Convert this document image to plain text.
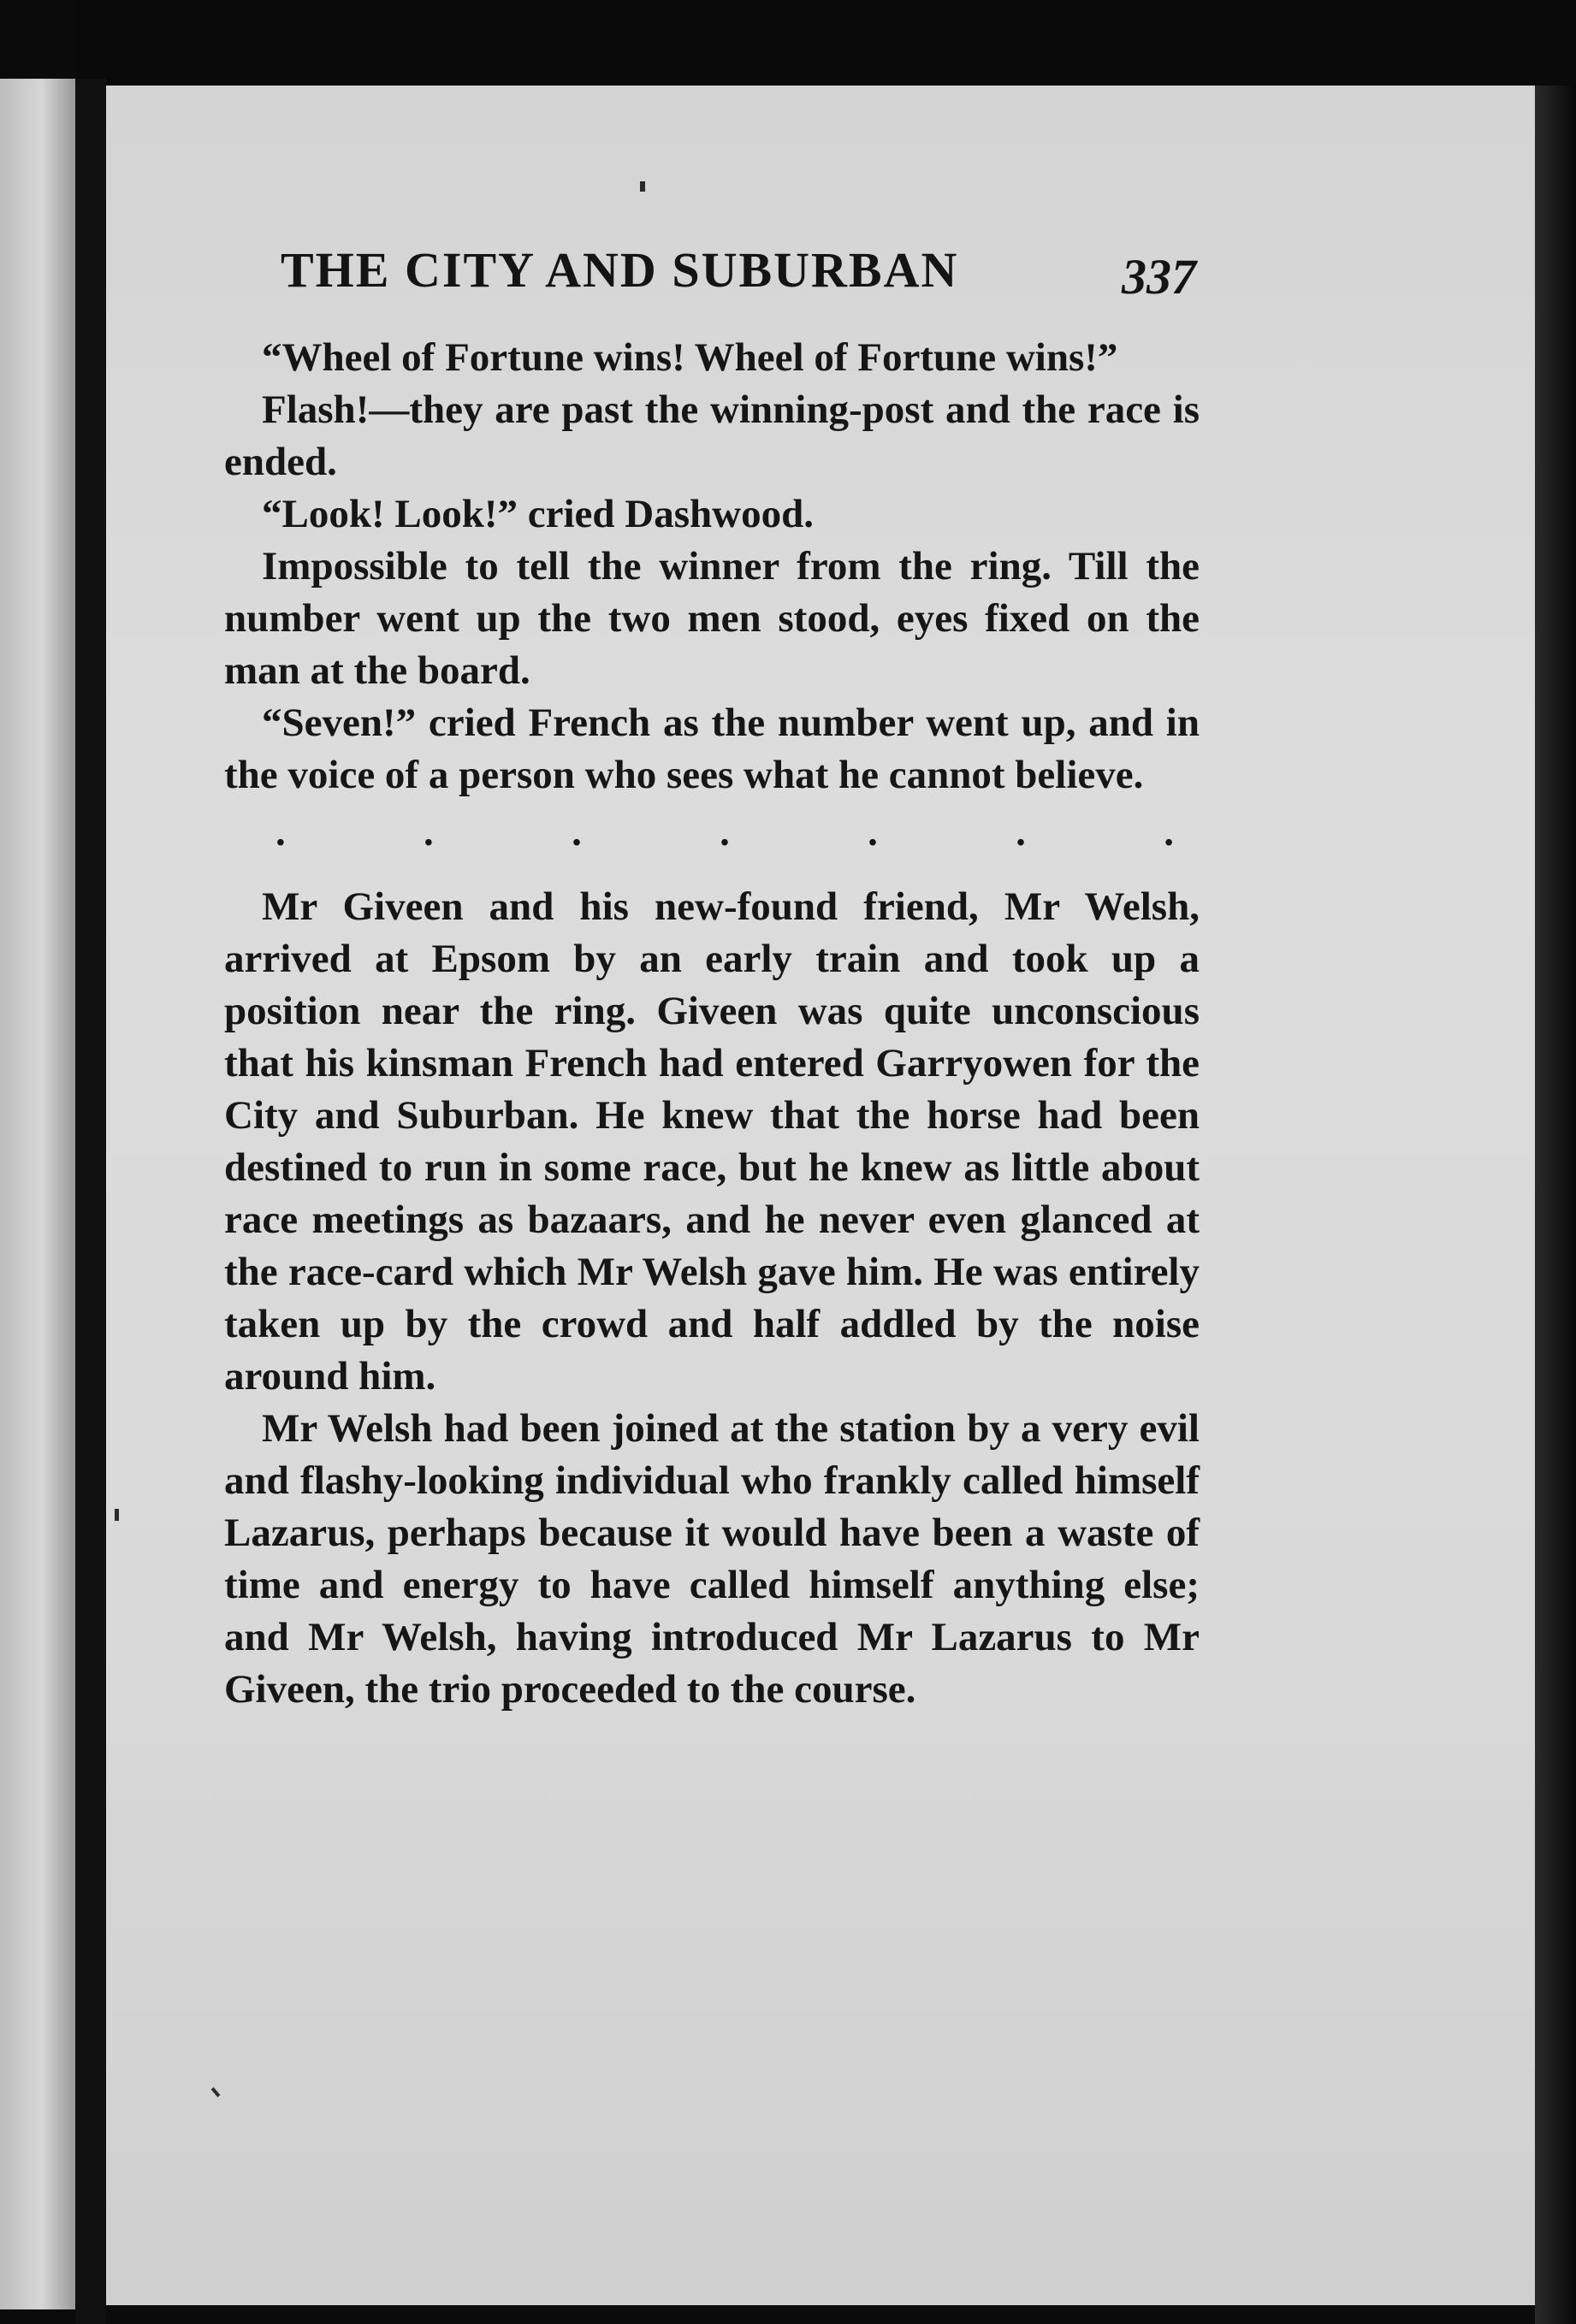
THE CITY AND SUBURBAN	337

“Wheel of Fortune wins! Wheel of Fortune wins!”

Flash!—they are past the winning-post and the race is ended.

“Look! Look!” cried Dashwood.

Impossible to tell the winner from the ring. Till the number went up the two men stood, eyes fixed on the man at the board.

“Seven!” cried French as the number went up, and in the voice of a person who sees what he cannot believe.

.	.	.	.	.	.	.

Mr Giveen and his new-found friend, Mr Welsh, arrived at Epsom by an early train and took up a position near the ring. Giveen was quite unconscious that his kinsman French had entered Garryowen for the City and Suburban. He knew that the horse had been destined to run in some race, but he knew as little about race meetings as bazaars, and he never even glanced at the race-card which Mr Welsh gave him. He was entirely taken up by the crowd and half addled by the noise around him.

Mr Welsh had been joined at the station by a very evil and flashy-looking individual who frankly called himself Lazarus, perhaps because it would have been a waste of time and energy to have called himself anything else; and Mr Welsh, having introduced Mr Lazarus to Mr Giveen, the trio proceeded to the course.
